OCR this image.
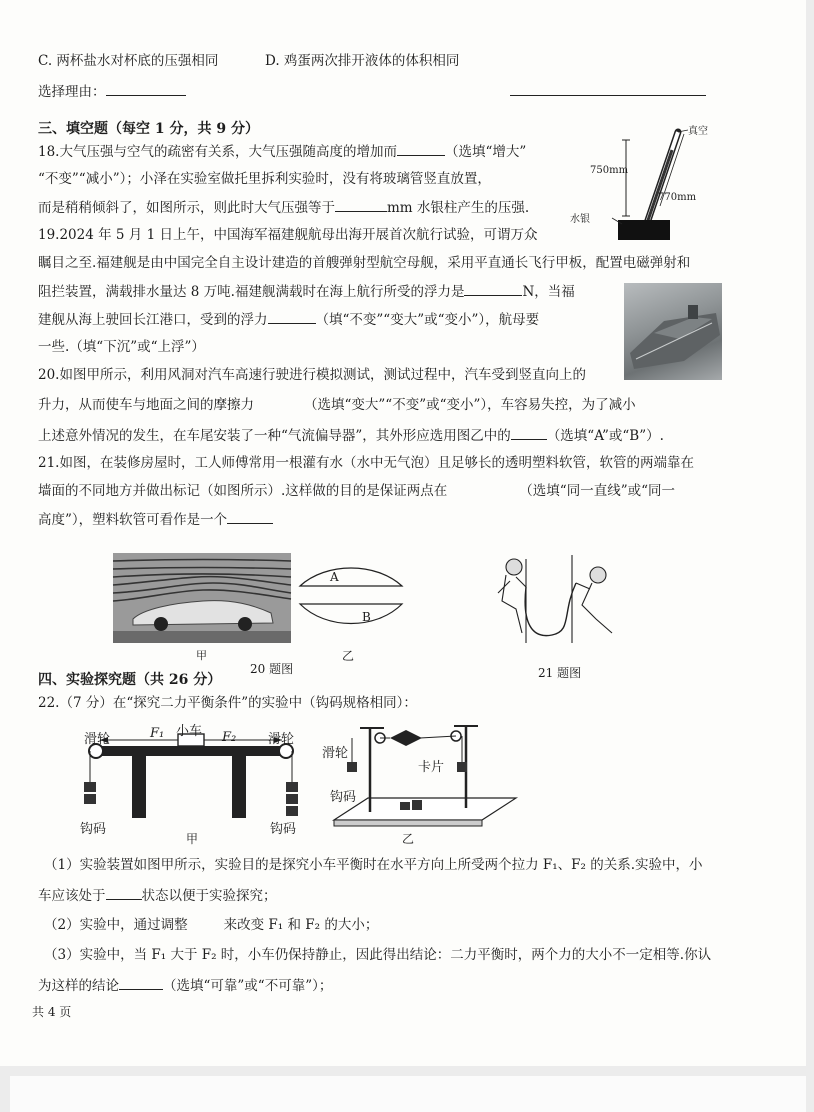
C. 两杯盐水对杯底的压强相同	D. 鸡蛋两次排开液体的体积相同
选择理由：
三、填空题（每空 1 分，共 9 分）
18.大气压强与空气的疏密有关系，大气压强随高度的增加而	（选填“增大”
“不变”“减小”）；小泽在实验室做托里拆利实验时，没有将玻璃管竖直放置，
而是稍稍倾斜了，如图所示，则此时大气压强等于	mm 水银柱产生的压强.
真空
750mm
770mm
水银
19.2024 年 5 月 1 日上午，中国海军福建舰航母出海开展首次航行试验，可谓万众
瞩目之至.福建舰是由中国完全自主设计建造的首艘弹射型航空母舰，采用平直通长飞行甲板，配置电磁弹射和
阻拦装置，满载排水量达 8 万吨.福建舰满载时在海上航行所受的浮力是	N，当福
建舰从海上驶回长江港口，受到的浮力	（填“不变”“变大”或“变小”），航母要
一些.（填“下沉”或“上浮”）
20.如图甲所示，利用风洞对汽车高速行驶进行模拟测试，测试过程中，汽车受到竖直向上的
升力，从而使车与地面之间的摩擦力	（选填“变大”“不变”或“变小”），车容易失控，为了减小
上述意外情况的发生，在车尾安装了一种“气流偏导器”，其外形应选用图乙中的	（选填“A”或“B”）.
21.如图，在装修房屋时，工人师傅常用一根灌有水（水中无气泡）且足够长的透明塑料软管，软管的两端靠在
墙面的不同地方并做出标记（如图所示）.这样做的目的是保证两点在	（选填“同一直线”或“同一
高度”），塑料软管可看作是一个
甲
A
B
乙
20 题图	21 题图
四、实验探究题（共 26 分）
22.（7 分）在“探究二力平衡条件”的实验中（钩码规格相同）：
滑轮	F₁ 小车 F₂ 滑轮
钩码	钩码
甲
滑轮
卡片
钩码
乙
（1）实验装置如图甲所示，实验目的是探究小车平衡时在水平方向上所受两个拉力 F₁、F₂ 的关系.实验中，小
车应该处于	状态以便于实验探究；
（2）实验中，通过调整	来改变 F₁ 和 F₂ 的大小；
（3）实验中，当 F₁ 大于 F₂ 时，小车仍保持静止，因此得出结论：二力平衡时，两个力的大小不一定相等.你认
为这样的结论	（选填“可靠”或“不可靠”）；
共 4 页
